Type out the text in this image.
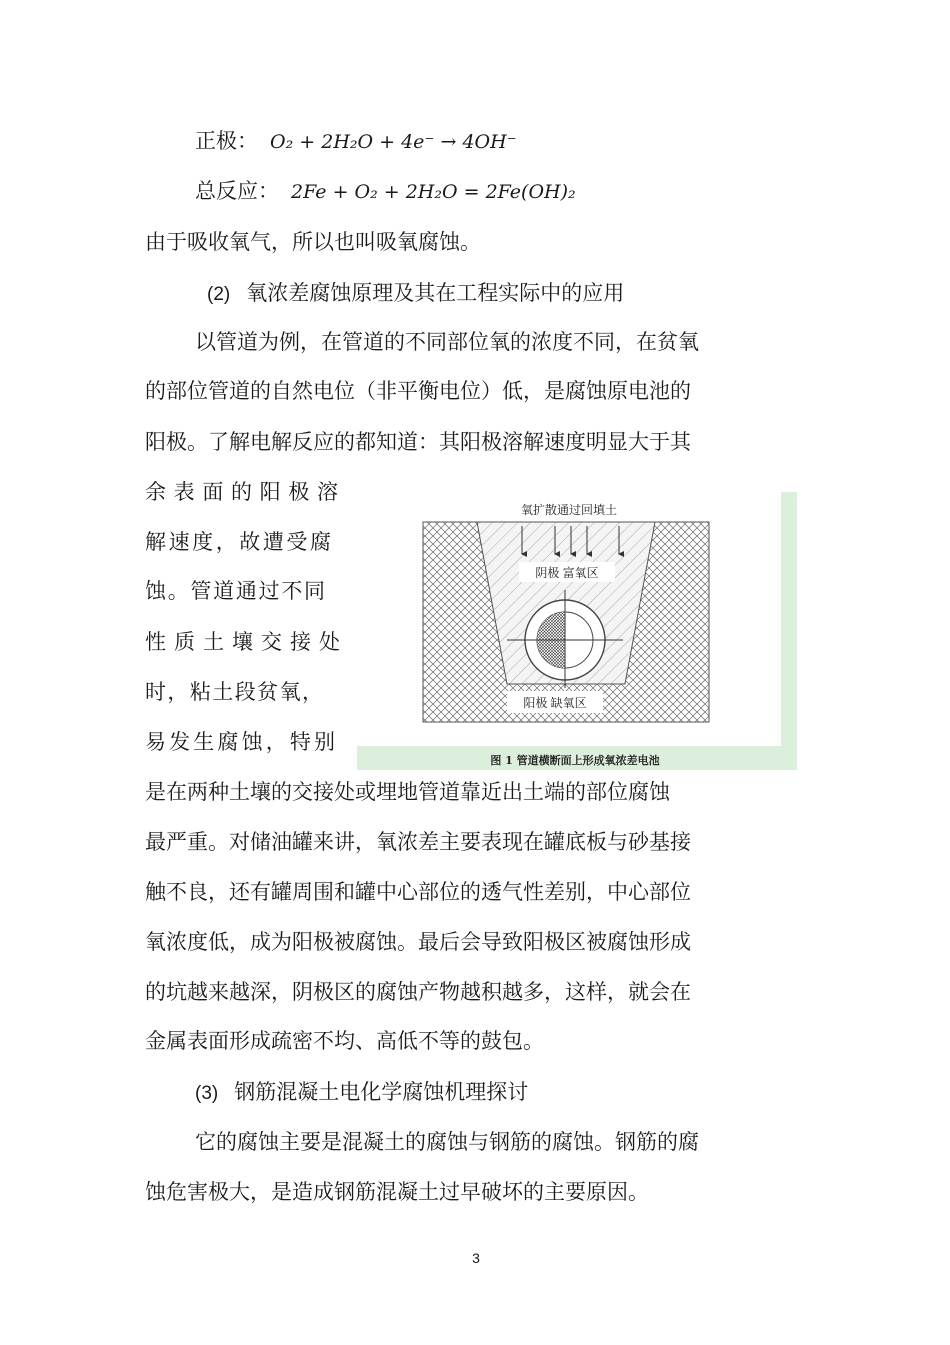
正极： O₂ + 2H₂O + 4e⁻ → 4OH⁻
总反应： 2Fe + O₂ + 2H₂O = 2Fe(OH)₂
由于吸收氧气，所以也叫吸氧腐蚀。
(2) 氧浓差腐蚀原理及其在工程实际中的应用
以管道为例，在管道的不同部位氧的浓度不同，在贫氧
的部位管道的自然电位（非平衡电位）低，是腐蚀原电池的
阳极。了解电解反应的都知道：其阳极溶解速度明显大于其
余表面的阳极溶
解速度，故遭受腐
蚀。管道通过不同
性质土壤交接处
时，粘土段贫氧，
易发生腐蚀，特别
氧扩散通过回填土
阴极 富氧区
阳极 缺氧区
图 1 管道横断面上形成氧浓差电池
是在两种土壤的交接处或埋地管道靠近出土端的部位腐蚀
最严重。对储油罐来讲，氧浓差主要表现在罐底板与砂基接
触不良，还有罐周围和罐中心部位的透气性差别，中心部位
氧浓度低，成为阳极被腐蚀。最后会导致阳极区被腐蚀形成
的坑越来越深，阴极区的腐蚀产物越积越多，这样，就会在
金属表面形成疏密不均、高低不等的鼓包。
(3) 钢筋混凝土电化学腐蚀机理探讨
它的腐蚀主要是混凝土的腐蚀与钢筋的腐蚀。钢筋的腐
蚀危害极大，是造成钢筋混凝土过早破坏的主要原因。
3
